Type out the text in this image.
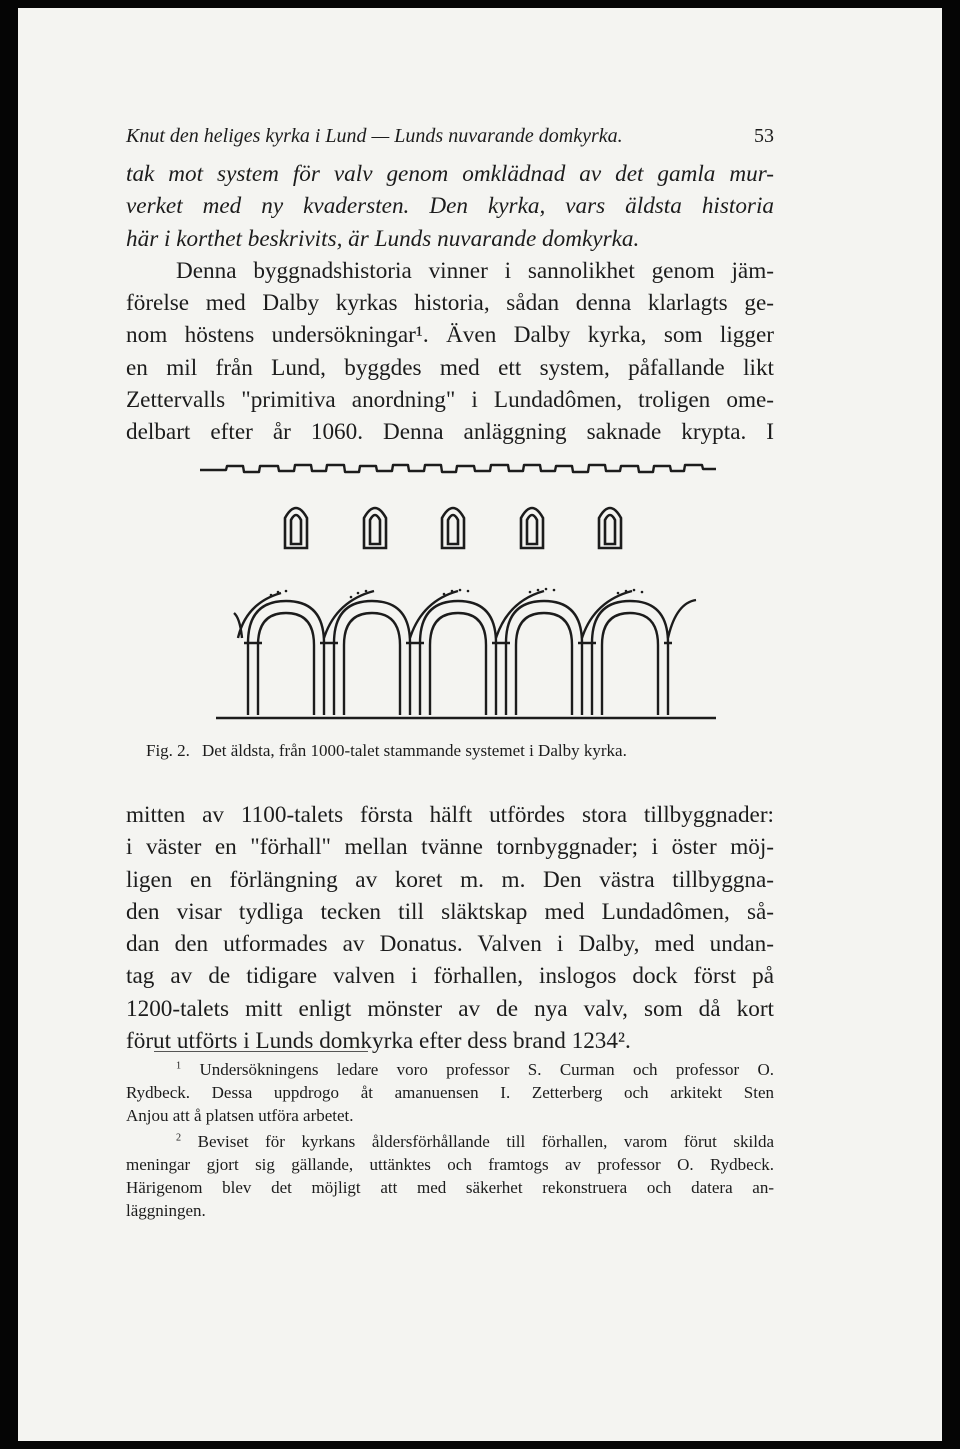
Knut den heliges kyrka i Lund — Lunds nuvarande domkyrka.	53

tak mot system för valv genom omklädnad av det gamla mur-
verket med ny kvadersten. Den kyrka, vars äldsta historia
här i korthet beskrivits, är Lunds nuvarande domkyrka.

Denna byggnadshistoria vinner i sannolikhet genom jäm-
förelse med Dalby kyrkas historia, sådan denna klarlagts ge-
nom höstens undersökningar¹. Även Dalby kyrka, som ligger
en mil från Lund, byggdes med ett system, påfallande likt
Zettervalls "primitiva anordning" i Lundadômen, troligen ome-
delbart efter år 1060. Denna anläggning saknade krypta. I

Fig. 2. Det äldsta, från 1000-talet stammande systemet i Dalby kyrka.

mitten av 1100-talets första hälft utfördes stora tillbyggnader:
i väster en "förhall" mellan tvänne tornbyggnader; i öster möj-
ligen en förlängning av koret m. m. Den västra tillbyggna-
den visar tydliga tecken till släktskap med Lundadômen, så-
dan den utformades av Donatus. Valven i Dalby, med undan-
tag av de tidigare valven i förhallen, inslogos dock först på
1200-talets mitt enligt mönster av de nya valv, som då kort
förut utförts i Lunds domkyrka efter dess brand 1234².

$^1$ Undersökningens ledare voro professor S. Curman och professor O.
Rydbeck. Dessa uppdrogo åt amanuensen I. Zetterberg och arkitekt Sten
Anjou att å platsen utföra arbetet.

$^2$ Beviset för kyrkans åldersförhållande till förhallen, varom förut skilda
meningar gjort sig gällande, uttänktes och framtogs av professor O. Rydbeck.
Härigenom blev det möjligt att med säkerhet rekonstruera och datera an-
läggningen.
